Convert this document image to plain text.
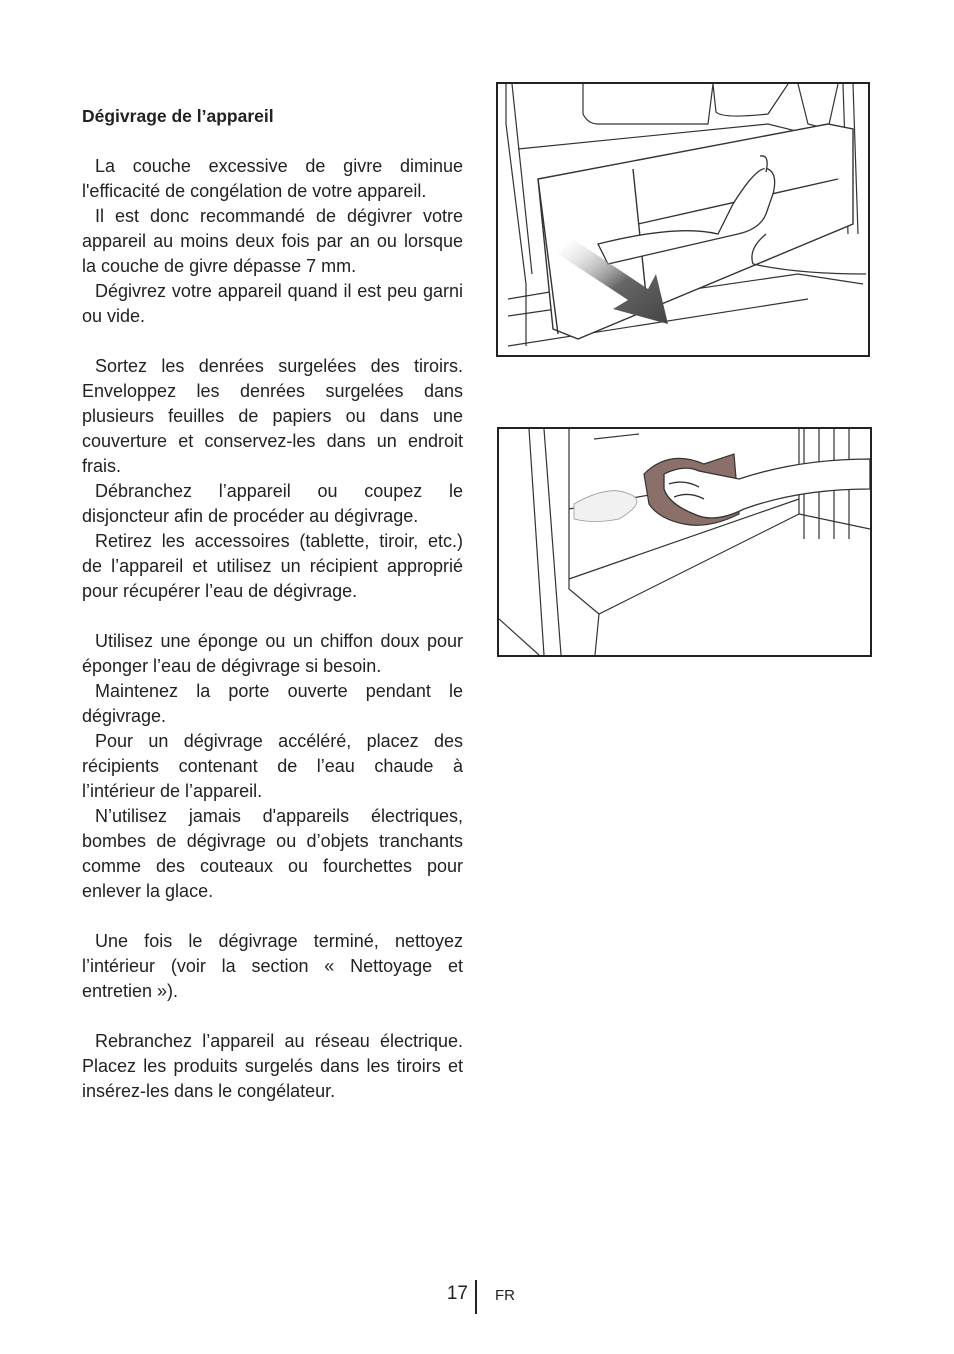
Dégivrage de l’appareil

La couche excessive de givre diminue l'efficacité de congélation de votre appareil.

Il est donc recommandé de dégivrer votre appareil au moins deux fois par an ou lorsque la couche de givre dépasse 7 mm.

Dégivrez votre appareil quand il est peu garni ou vide.

Sortez les denrées surgelées des tiroirs. Enveloppez les denrées surgelées dans plusieurs feuilles de papiers ou dans une couverture et conservez-les dans un endroit frais.

Débranchez l’appareil ou coupez le disjoncteur afin de procéder au dégivrage.

Retirez les accessoires (tablette, tiroir, etc.) de l’appareil et utilisez un récipient approprié pour récupérer l’eau de dégivrage.

Utilisez une éponge ou un chiffon doux pour éponger l’eau de dégivrage si besoin.

Maintenez la porte ouverte pendant le dégivrage.

Pour un dégivrage accéléré, placez des récipients contenant de l’eau chaude à l’intérieur de l’appareil.

N’utilisez jamais d'appareils électriques, bombes de dégivrage ou d’objets tranchants comme des couteaux ou fourchettes pour enlever la glace.

Une fois le dégivrage terminé, nettoyez l’intérieur (voir la section « Nettoyage et entretien »).

Rebranchez l’appareil au réseau électrique. Placez les produits surgelés dans les tiroirs et insérez-les dans le congélateur.

17 FR
